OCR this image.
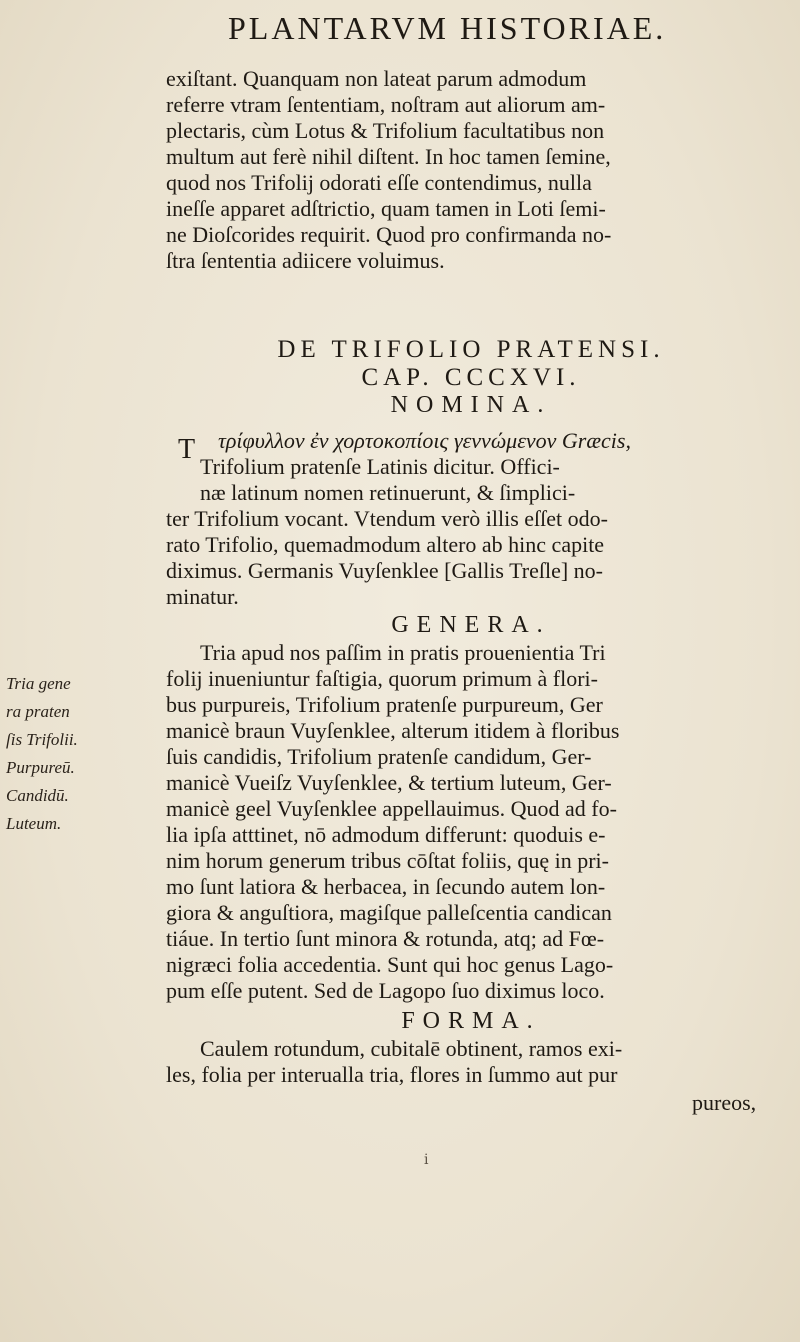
PLANTARVM HISTORIAE.
exiſtant. Quanquam non lateat parum admodum
referre vtram ſententiam, noſtram aut aliorum am-
plectaris, cùm Lotus & Trifolium facultatibus non
multum aut ferè nihil diſtent. In hoc tamen ſemine,
quod nos Trifolij odorati eſſe contendimus, nulla
ineſſe apparet adſtrictio, quam tamen in Loti ſemi-
ne Dioſcorides requirit. Quod pro confirmanda no-
ſtra ſententia adiicere voluimus.
DE TRIFOLIO PRATENSI.
CAP. CCCXVI.
NOMINA.
τρίφυλλον ἐν χορτοκοπίοις γεννώμενον Græcis,
T
Trifolium pratenſe Latinis dicitur. Offici-
næ latinum nomen retinuerunt, & ſimplici-
ter Trifolium vocant. Vtendum verò illis eſſet odo-
rato Trifolio, quemadmodum altero ab hinc capite
diximus. Germanis Vuyſenklee [Gallis Treſle] no-
minatur.
GENERA.
Tria apud nos paſſim in pratis prouenientia Tri
folij inueniuntur faſtigia, quorum primum à flori-
bus purpureis, Trifolium pratenſe purpureum, Ger
manicè braun Vuyſenklee, alterum itidem à floribus
ſuis candidis, Trifolium pratenſe candidum, Ger-
manicè Vueiſz Vuyſenklee, & tertium luteum, Ger-
manicè geel Vuyſenklee appellauimus. Quod ad fo-
lia ipſa atttinet, nō admodum differunt: quoduis e-
nim horum generum tribus cōſtat foliis, quę in pri-
mo ſunt latiora & herbacea, in ſecundo autem lon-
giora & anguſtiora, magiſque palleſcentia candican
tiáue. In tertio ſunt minora & rotunda, atq; ad Fœ-
nigræci folia accedentia. Sunt qui hoc genus Lago-
pum eſſe putent. Sed de Lagopo ſuo diximus loco.
FORMA.
Caulem rotundum, cubitalē obtinent, ramos exi-
les, folia per interualla tria, flores in ſummo aut pur
pureos,
i
Tria gene
ra praten
ſis Trifolii.
Purpureū.
Candidū.
Luteum.
